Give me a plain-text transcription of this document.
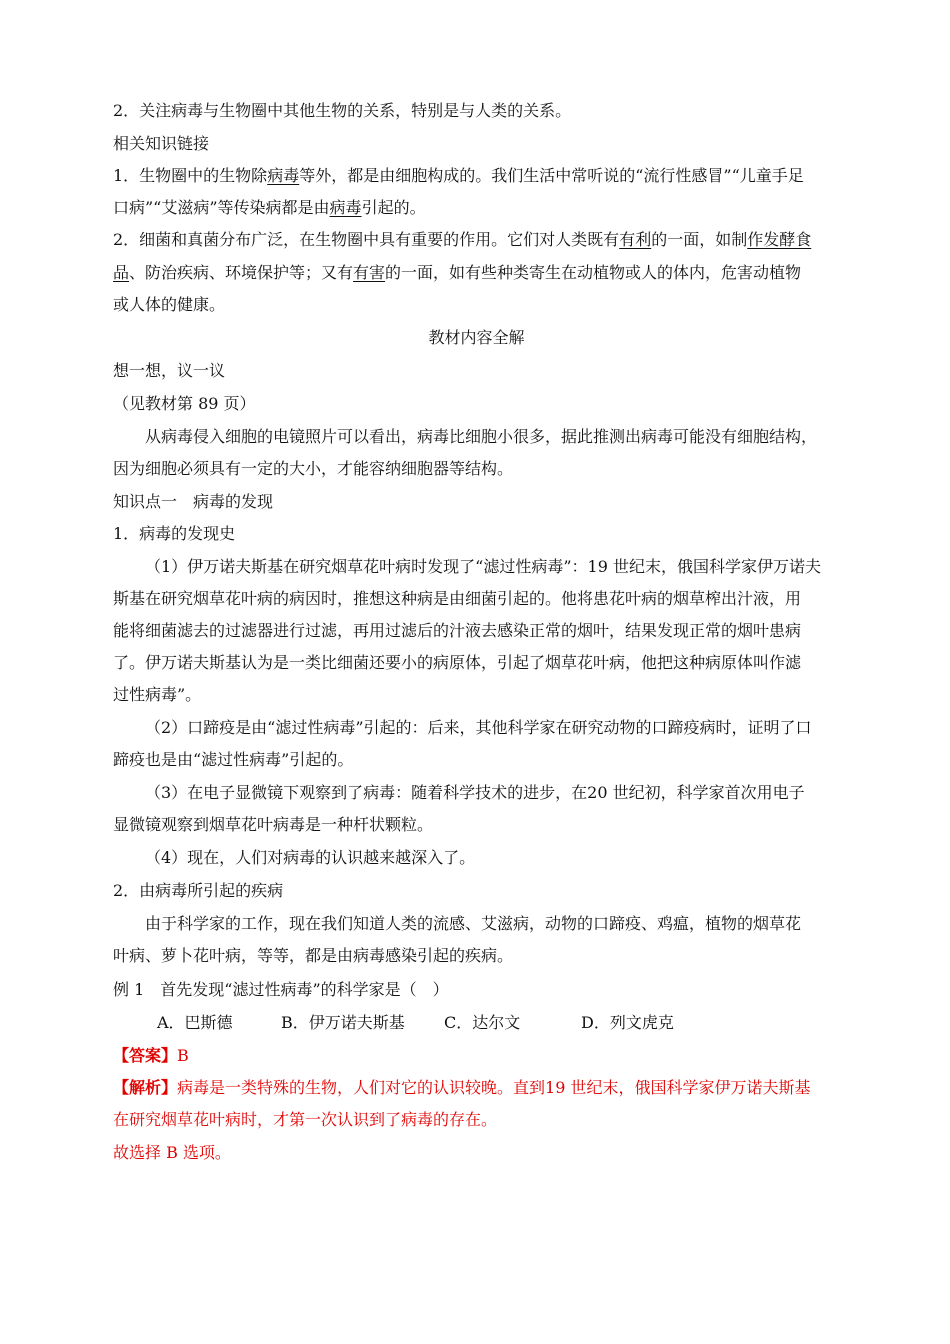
2．关注病毒与生物圈中其他生物的关系，特别是与人类的关系。
相关知识链接
1．生物圈中的生物除病毒等外，都是由细胞构成的。我们生活中常听说的“流行性感冒”“儿童手足
口病”“艾滋病”等传染病都是由病毒引起的。
2．细菌和真菌分布广泛，在生物圈中具有重要的作用。它们对人类既有有利的一面，如制作发酵食
品、防治疾病、环境保护等；又有有害的一面，如有些种类寄生在动植物或人的体内，危害动植物
或人体的健康。
教材内容全解
想一想，议一议
（见教材第 89 页）
从病毒侵入细胞的电镜照片可以看出，病毒比细胞小很多，据此推测出病毒可能没有细胞结构，
因为细胞必须具有一定的大小，才能容纳细胞器等结构。
知识点一　病毒的发现
1．病毒的发现史
（1）伊万诺夫斯基在研究烟草花叶病时发现了“滤过性病毒”：19 世纪末，俄国科学家伊万诺夫
斯基在研究烟草花叶病的病因时，推想这种病是由细菌引起的。他将患花叶病的烟草榨出汁液，用
能将细菌滤去的过滤器进行过滤，再用过滤后的汁液去感染正常的烟叶，结果发现正常的烟叶患病
了。伊万诺夫斯基认为是一类比细菌还要小的病原体，引起了烟草花叶病，他把这种病原体叫作滤
过性病毒”。
（2）口蹄疫是由“滤过性病毒”引起的：后来，其他科学家在研究动物的口蹄疫病时，证明了口
蹄疫也是由“滤过性病毒”引起的。
（3）在电子显微镜下观察到了病毒：随着科学技术的进步，在20 世纪初，科学家首次用电子
显微镜观察到烟草花叶病毒是一种杆状颗粒。
（4）现在，人们对病毒的认识越来越深入了。
2．由病毒所引起的疾病
由于科学家的工作，现在我们知道人类的流感、艾滋病，动物的口蹄疫、鸡瘟，植物的烟草花
叶病、萝卜花叶病，等等，都是由病毒感染引起的疾病。
例 1　首先发现“滤过性病毒”的科学家是（　）
A．巴斯德	B．伊万诺夫斯基 C．达尔文	D．列文虎克
【答案】B
【解析】病毒是一类特殊的生物，人们对它的认识较晚。直到19 世纪末，俄国科学家伊万诺夫斯基
在研究烟草花叶病时，才第一次认识到了病毒的存在。
故选择 B 选项。
